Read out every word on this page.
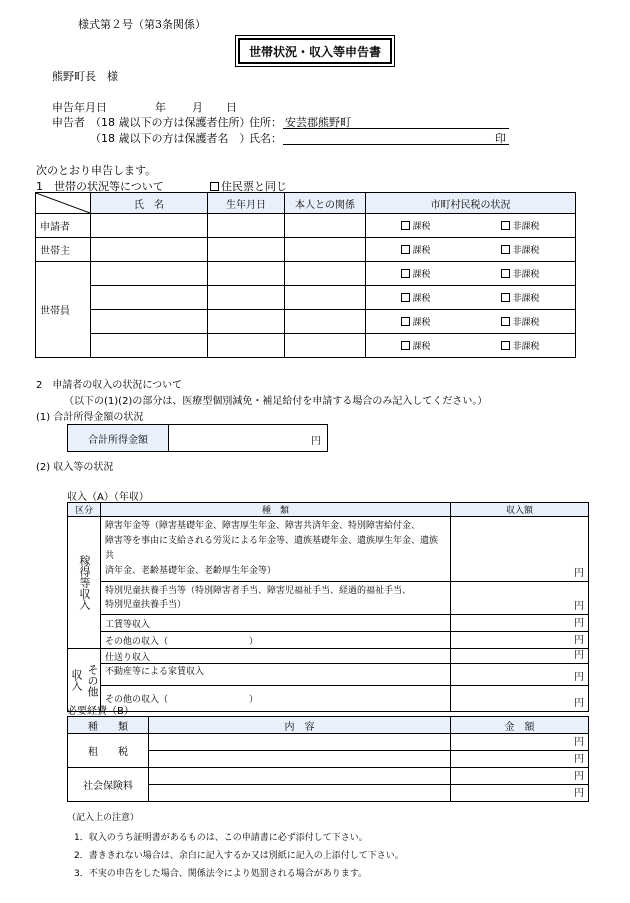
様式第２号（第3条関係）
世帯状況・収入等申告書
熊野町長　様
申告年月日	年 月 日
申告者 （18 歳以下の方は保護者住所）
住所： 安芸郡熊野町
（18 歳以下の方は保護者名　）
氏名：	印
次のとおり申告します。
1　世帯の状況等について	住民票と同じ
	氏　名	生年月日	本人との関係	市町村民税の状況
申請者				課税 非課税

世帯主				課税 非課税

世帯員				課税 非課税

				課税 非課税

				課税 非課税

				課税 非課税
2　申請者の収入の状況について
（以下の(1)(2)の部分は、医療型個別減免・補足給付を申請する場合のみ記入してください。）
(1) 合計所得金額の状況
合計所得金額	円
(2) 収入等の状況
収入（A）（年収）
区分	種　類	収入額

稼得等収入	障害年金等（障害基礎年金、障害厚生年金、障害共済年金、特別障害給付金、
障害等を事由に支給される労災による年金等、遺族基礎年金、遺族厚生年金、遺族共
済年金、老齢基礎年金、老齢厚生年金等）	円

	特別児童扶養手当等（特別障害者手当、障害児福祉手当、経過的福祉手当、
特別児童扶養手当）	円

	工賃等収入	円

	その他の収入（　　　　　　　　　）	円

その他収入	仕送り収入	円

	不動産等による家賃収入	円

	その他の収入（　　　　　　　　　）	円
必要経費（B）
種　　類	内　容	金　額
租　　税		円

		円

社会保険料		円

		円
（記入上の注意）
1．収入のうち証明書があるものは、この申請書に必ず添付して下さい。
2．書ききれない場合は、余白に記入するか又は別紙に記入の上添付して下さい。
3．不実の申告をした場合、関係法令により処罰される場合があります。
